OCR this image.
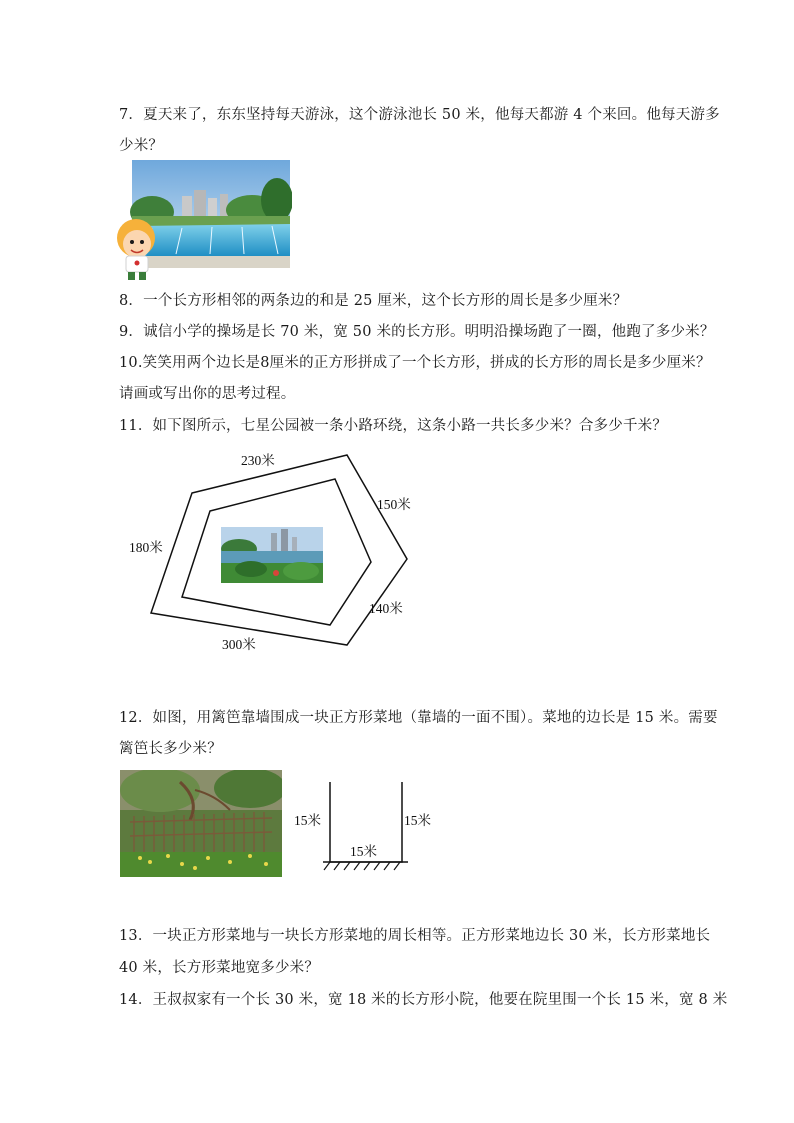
7．夏天来了，东东坚持每天游泳，这个游泳池长 50 米，他每天都游 4 个来回。他每天游多
少米？
8．一个长方形相邻的两条边的和是 25 厘米，这个长方形的周长是多少厘米？
9．诚信小学的操场是长 70 米，宽 50 米的长方形。明明沿操场跑了一圈，他跑了多少米？
10.笑笑用两个边长是8厘米的正方形拼成了一个长方形，拼成的长方形的周长是多少厘米？
请画或写出你的思考过程。
11．如下图所示，七星公园被一条小路环绕，这条小路一共长多少米？合多少千米？
230米
150米
180米
140米
300米
12．如图，用篱笆靠墙围成一块正方形菜地（靠墙的一面不围）。菜地的边长是 15 米。需要
篱笆长多少米？
15米	15米
15米
13．一块正方形菜地与一块长方形菜地的周长相等。正方形菜地边长 30 米，长方形菜地长
40 米，长方形菜地宽多少米？
14．王叔叔家有一个长 30 米，宽 18 米的长方形小院，他要在院里围一个长 15 米，宽 8 米
